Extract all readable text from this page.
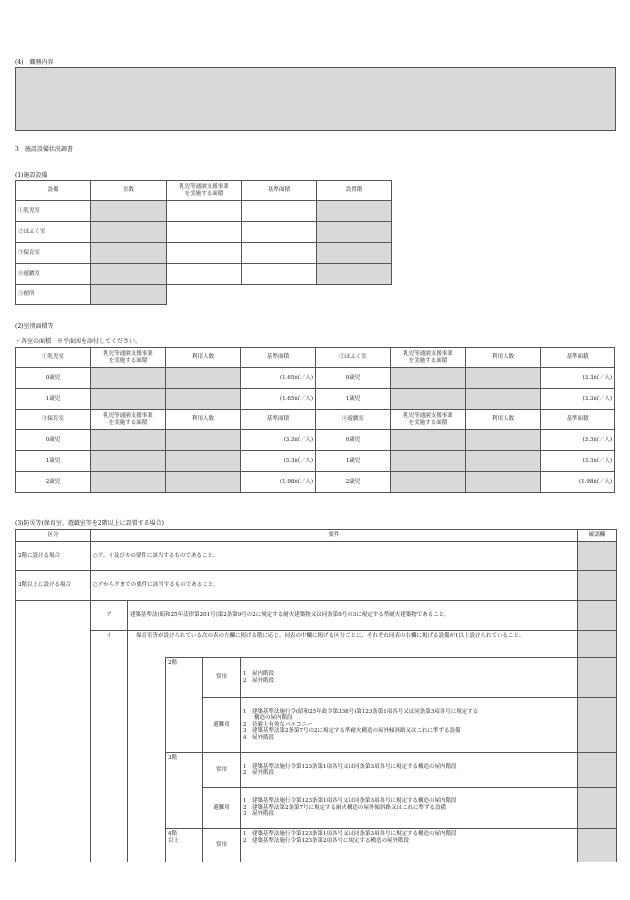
(4)　職務内容
3　施設設備状況調書
(1)施設設備
設備	室数	乳児等通園支援事業
を実施する面積	基準面積	設置階
①乳児室				
②ほふく室				
③保育室				
④遊戯室				
⑤便所	
(2)室別面積等
・各室の面積　※平面図を添付してください。
①乳児室	乳児等通園支援事業
を実施する面積	利用人数	基準面積	②ほふく室	乳児等通園支援事業
を実施する面積	利用人数	基準面積
0歳児			(1.65㎡／人)	0歳児			(3.3㎡／人)
1歳児			(1.65㎡／人)	1歳児			(3.3㎡／人)
③保育室	乳児等通園支援事業
を実施する面積	利用人数	基準面積	④遊戯室	乳児等通園支援事業
を実施する面積	利用人数	基準面積
0歳児			(3.3㎡／人)	0歳児			(3.3㎡／人)
1歳児			(3.3㎡／人)	1歳児			(3.3㎡／人)
2歳児			(1.98㎡／人)	2歳児			(1.98㎡／人)
(3)防災等(保育室、遊戯室等を2階以上に設置する場合)
区分	要件					確認欄
2階に設ける場合	○ア、イ及びカの要件に該当するものであること。					
3階以上に設ける場合	○アからクまでの要件に該当するものであること。					
	ア	建築基準法(昭和25年法律第201号)第2条第9号の2に規定する耐火建築物又は同条第9号の3に規定する準耐火建築物であること。				
	イ	保育室等が設けられている次の表の左欄に掲げる階に応じ、同表の中欄に掲げる区分ごとに、それぞれ同表の右欄に掲げる設備が1以上設けられていること。				
			2階	常用	1　屋内階段
2　屋外階段	
				避難用	1　建築基準法施行令(昭和25年政令第338号)第123条第1項各号又は同条第3項各号に規定する
　　構造の屋内階段
2　待避上有効なバルコニー
3　建築基準法第2条第7号の2に規定する準耐火構造の屋外傾斜路又はこれに準ずる設備
4　屋外階段	
			3階	常用	1　建築基準法施行令第123条第1項各号又は同条第3項各号に規定する構造の屋内階段
2　屋外階段	
				避難用	1　建築基準法施行令第123条第1項各号又は同条第3項各号に規定する構造の屋内階段
2　建築基準法第2条第7号に規定する耐火構造の屋外傾斜路又はこれに準ずる設備
3　屋外階段	
			4階
以上	常用	1　建築基準法施行令第123条第1項各号又は同条第3項各号に規定する構造の屋内階段
2　建築基準法施行令第123条第2項各号に規定する構造の屋外階段	
